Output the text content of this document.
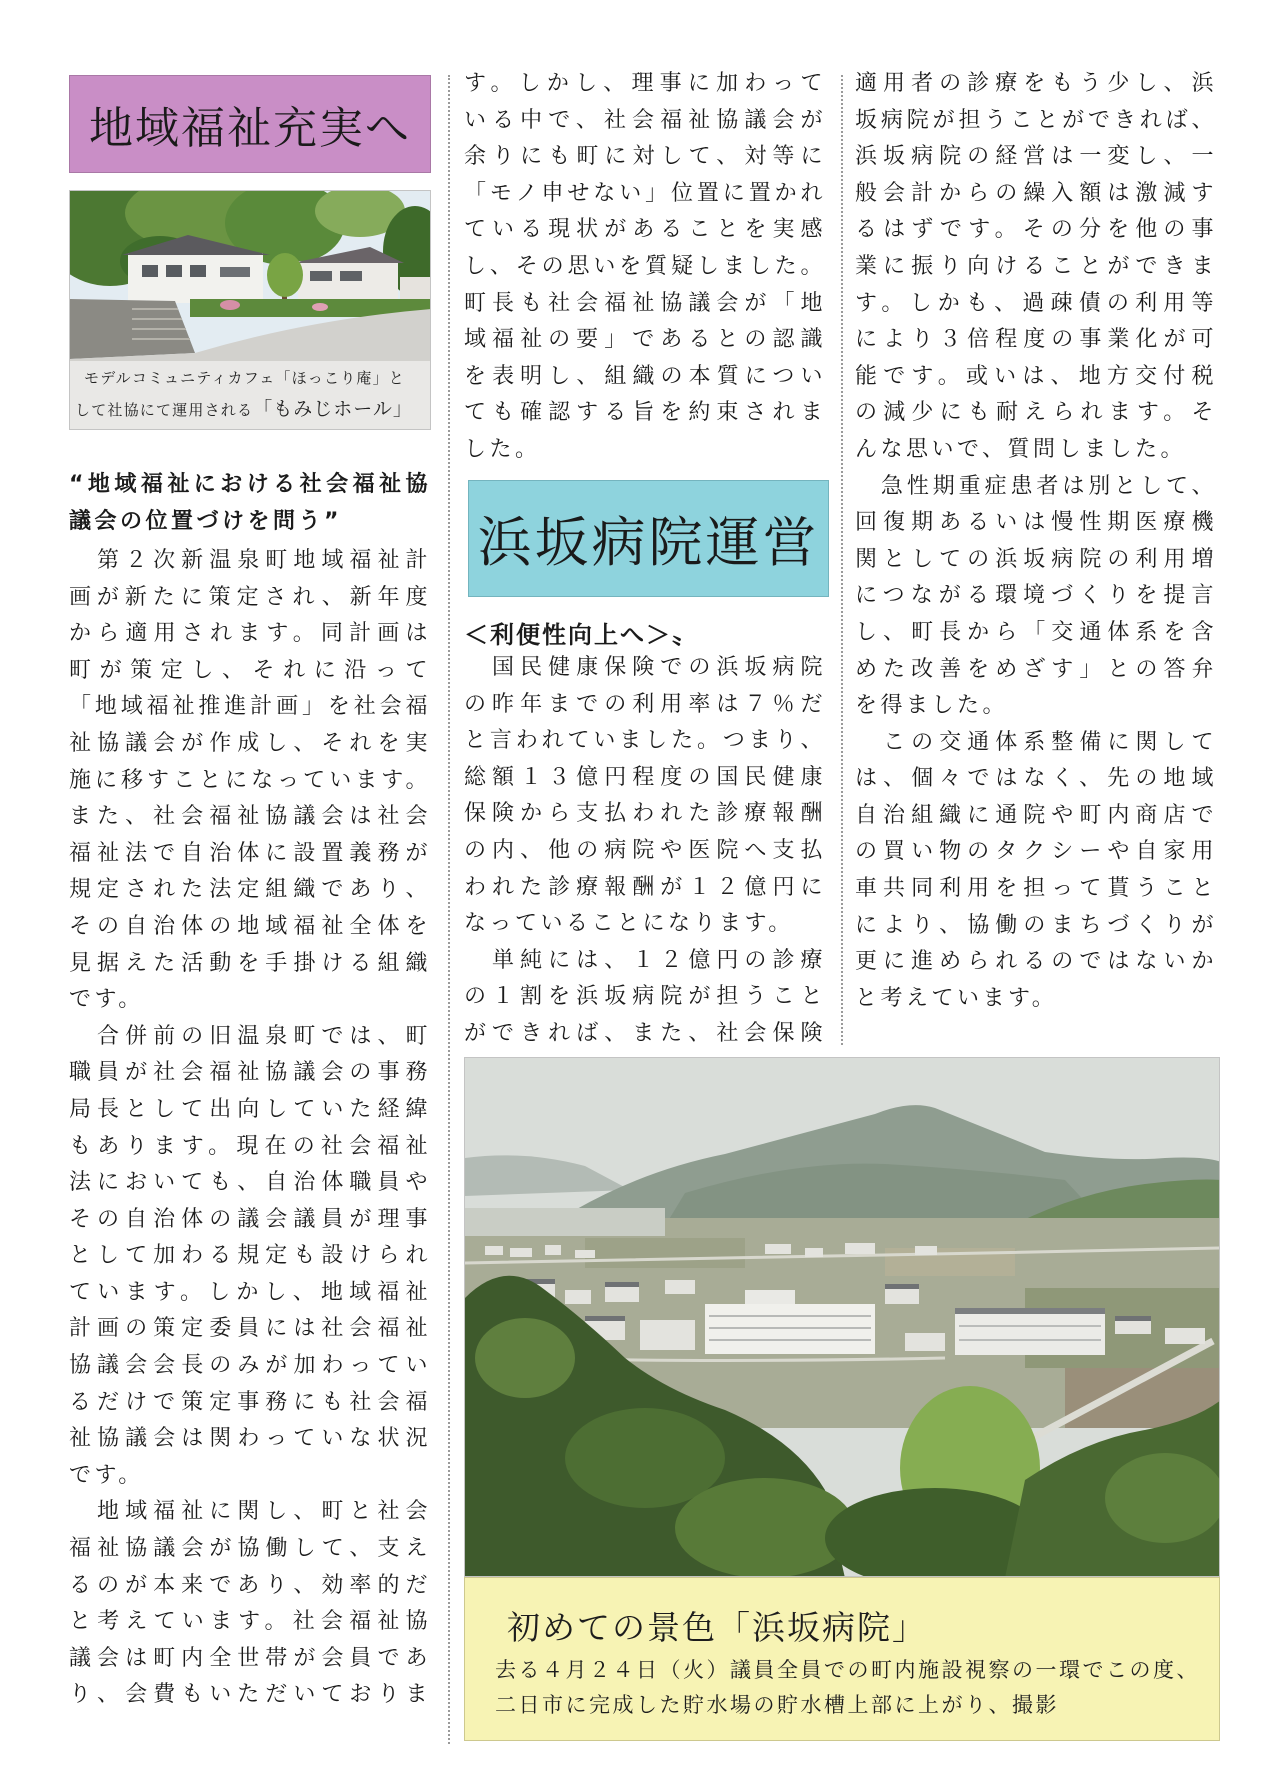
地域福祉充実へ
モデルコミュニティカフェ「ほっこり庵」と
して社協にて運用される「もみじホール」
“地域福祉における社会福祉協
議会の位置づけを問う”
　第２次新温泉町地域福祉計
画が新たに策定され、新年度
から適用されます。同計画は
町が策定し、それに沿って
「地域福祉推進計画」を社会福
祉協議会が作成し、それを実
施に移すことになっています。
また、社会福祉協議会は社会
福祉法で自治体に設置義務が
規定された法定組織であり、
その自治体の地域福祉全体を
見据えた活動を手掛ける組織
です。
　合併前の旧温泉町では、町
職員が社会福祉協議会の事務
局長として出向していた経緯
もあります。現在の社会福祉
法においても、自治体職員や
その自治体の議会議員が理事
として加わる規定も設けられ
ています。しかし、地域福祉
計画の策定委員には社会福祉
協議会会長のみが加わってい
るだけで策定事務にも社会福
祉協議会は関わっていな状況
です。
　地域福祉に関し、町と社会
福祉協議会が協働して、支え
るのが本来であり、効率的だ
と考えています。社会福祉協
議会は町内全世帯が会員であ
り、会費もいただいておりま
す。しかし、理事に加わって
いる中で、社会福祉協議会が
余りにも町に対して、対等に
「モノ申せない」位置に置かれ
ている現状があることを実感
し、その思いを質疑しました。
町長も社会福祉協議会が「地
域福祉の要」であるとの認識
を表明し、組織の本質につい
ても確認する旨を約束されま
した。
浜坂病院運営
＜利便性向上へ＞〟
　国民健康保険での浜坂病院
の昨年までの利用率は７％だ
と言われていました。つまり、
総額１３億円程度の国民健康
保険から支払われた診療報酬
の内、他の病院や医院へ支払
われた診療報酬が１２億円に
なっていることになります。
　単純には、１２億円の診療
の１割を浜坂病院が担うこと
ができれば、また、社会保険
適用者の診療をもう少し、浜
坂病院が担うことができれば、
浜坂病院の経営は一変し、一
般会計からの繰入額は激減す
るはずです。その分を他の事
業に振り向けることができま
す。しかも、過疎債の利用等
により３倍程度の事業化が可
能です。或いは、地方交付税
の減少にも耐えられます。そ
んな思いで、質問しました。
　急性期重症患者は別として、
回復期あるいは慢性期医療機
関としての浜坂病院の利用増
につながる環境づくりを提言
し、町長から「交通体系を含
めた改善をめざす」との答弁
を得ました。
　この交通体系整備に関して
は、個々ではなく、先の地域
自治組織に通院や町内商店で
の買い物のタクシーや自家用
車共同利用を担って貰うこと
により、協働のまちづくりが
更に進められるのではないか
と考えています。
初めての景色「浜坂病院」
去る４月２４日（火）議員全員での町内施設視察の一環でこの度、
二日市に完成した貯水場の貯水槽上部に上がり、撮影
